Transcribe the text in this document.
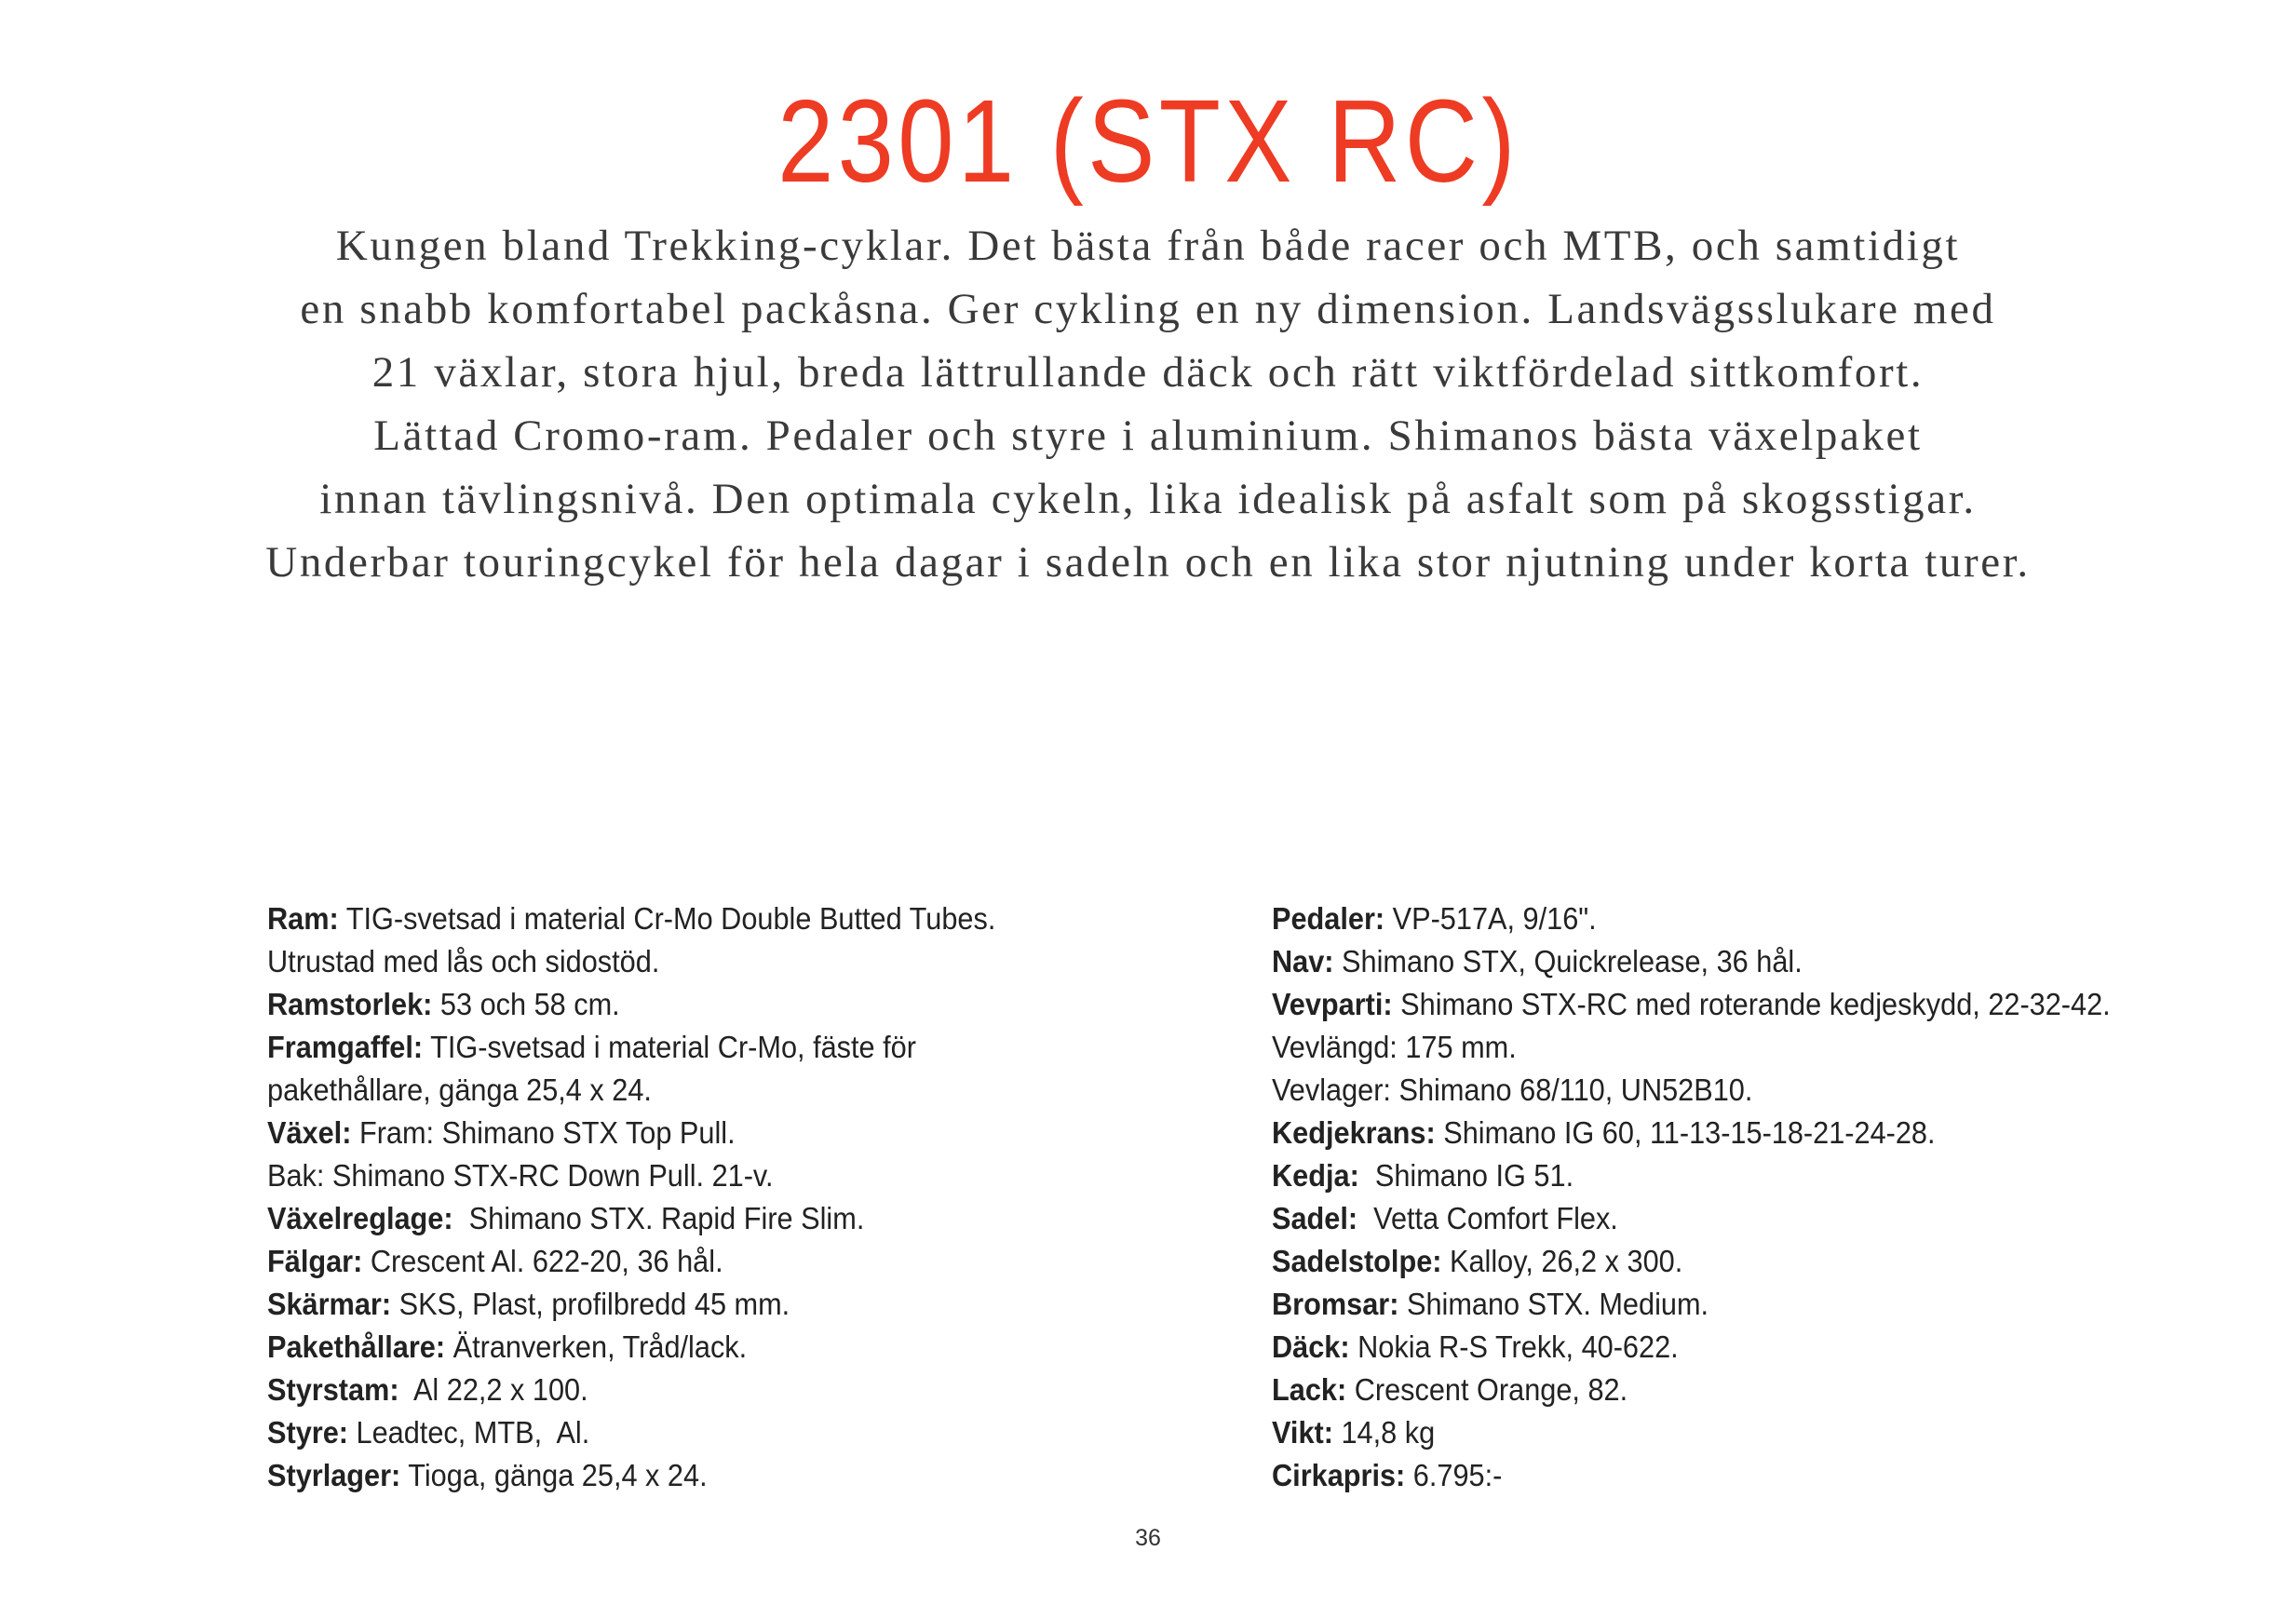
2301 (STX RC)

Kungen bland Trekking-cyklar. Det bästa från både racer och MTB, och samtidigt
en snabb komfortabel packåsna. Ger cykling en ny dimension. Landsvägsslukare med
21 växlar, stora hjul, breda lättrullande däck och rätt viktfördelad sittkomfort.
Lättad Cromo-ram. Pedaler och styre i aluminium. Shimanos bästa växelpaket
innan tävlingsnivå. Den optimala cykeln, lika idealisk på asfalt som på skogsstigar.
Underbar touringcykel för hela dagar i sadeln och en lika stor njutning under korta turer.

Ram: TIG-svetsad i material Cr-Mo Double Butted Tubes.
Utrustad med lås och sidostöd.
Ramstorlek: 53 och 58 cm.
Framgaffel: TIG-svetsad i material Cr-Mo, fäste för
pakethållare, gänga 25,4 x 24.
Växel: Fram: Shimano STX Top Pull.
Bak: Shimano STX-RC Down Pull. 21-v.
Växelreglage:  Shimano STX. Rapid Fire Slim.
Fälgar: Crescent Al. 622-20, 36 hål.
Skärmar: SKS, Plast, profilbredd 45 mm.
Pakethållare: Ätranverken, Tråd/lack.
Styrstam:  Al 22,2 x 100.
Styre: Leadtec, MTB,  Al.
Styrlager: Tioga, gänga 25,4 x 24.
Pedaler: VP-517A, 9/16".
Nav: Shimano STX, Quickrelease, 36 hål.
Vevparti: Shimano STX-RC med roterande kedjeskydd, 22-32-42.
Vevlängd: 175 mm.
Vevlager: Shimano 68/110, UN52B10.
Kedjekrans: Shimano IG 60, 11-13-15-18-21-24-28.
Kedja:  Shimano IG 51.
Sadel:  Vetta Comfort Flex.
Sadelstolpe: Kalloy, 26,2 x 300.
Bromsar: Shimano STX. Medium.
Däck: Nokia R-S Trekk, 40-622.
Lack: Crescent Orange, 82.
Vikt: 14,8 kg
Cirkapris: 6.795:-
36
